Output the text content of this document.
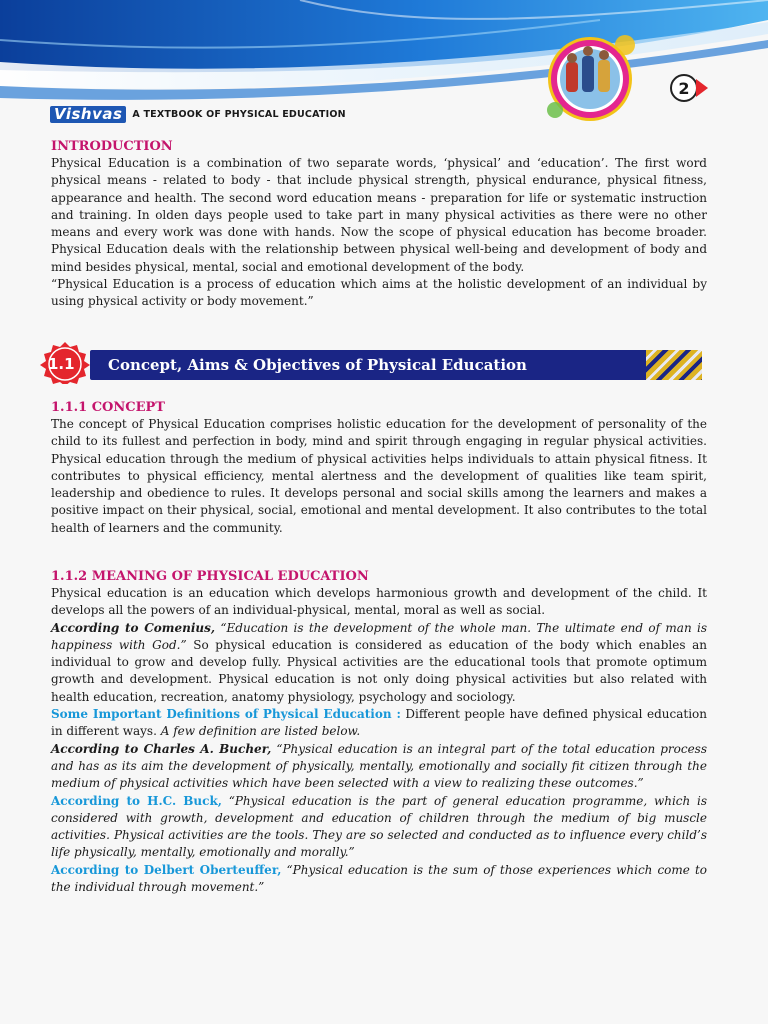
Vishvas	A TEXTBOOK OF PHYSICAL EDUCATION
2
INTRODUCTION

Physical Education is a combination of two separate words, ‘physical’ and ‘education’. The first word physical means - related to body - that include physical strength, physical endurance, physical fitness, appearance and health. The second word education means - preparation for life or systematic instruction and training. In olden days people used to take part in many physical activities as there were no other means and every work was done with hands. Now the scope of physical education has become broader. Physical Education deals with the relationship between physical well-being and development of body and mind besides physical, mental, social and emotional development of the body.

“Physical Education is a process of education which aims at the holistic development of an individual by using physical activity or body movement.”

Concept, Aims & Objectives of Physical Education
1.1
1.1.1 CONCEPT

The concept of Physical Education comprises holistic education for the development of personality of the child to its fullest and perfection in body, mind and spirit through engaging in regular physical activities. Physical education through the medium of physical activities helps individuals to attain physical fitness. It contributes to physical efficiency, mental alertness and the development of qualities like team spirit, leadership and obedience to rules. It develops personal and social skills among the learners and makes a positive impact on their physical, social, emotional and mental development. It also contributes to the total health of learners and the community.

1.1.2 MEANING OF PHYSICAL EDUCATION

Physical education is an education which develops harmonious growth and development of the child. It develops all the powers of an individual-physical, mental, moral as well as social.

According to Comenius, “Education is the development of the whole man. The ultimate end of man is happiness with God.” So physical education is considered as education of the body which enables an individual to grow and develop fully. Physical activities are the educational tools that promote optimum growth and development. Physical education is not only doing physical activities but also related with health education, recreation, anatomy physiology, psychology and sociology.

Some Important Definitions of Physical Education : Different people have defined physical education in different ways. A few definition are listed below.

According to Charles A. Bucher, “Physical education is an integral part of the total education process and has as its aim the development of physically, mentally, emotionally and socially fit citizen through the medium of physical activities which have been selected with a view to realizing these outcomes.”

According to H.C. Buck, “Physical education is the part of general education programme, which is considered with growth, development and education of children through the medium of big muscle activities. Physical activities are the tools. They are so selected and conducted as to influence every child’s life physically, mentally, emotionally and morally.”

According to Delbert Oberteuffer, “Physical education is the sum of those experiences which come to the individual through movement.”
